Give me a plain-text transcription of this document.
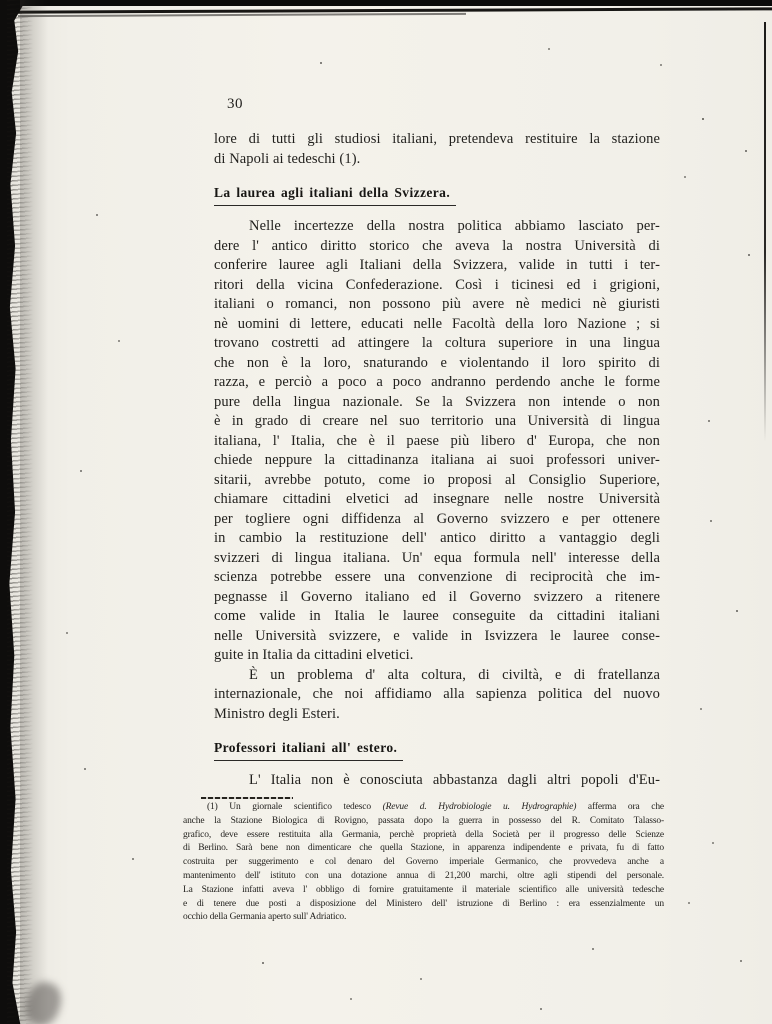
30
lore di tutti gli studiosi italiani, pretendeva restituire la stazione
di Napoli ai tedeschi (1).
La laurea agli italiani della Svizzera.
Nelle incertezze della nostra politica abbiamo lasciato per-
dere l' antico diritto storico che aveva la nostra Università di
conferire lauree agli Italiani della Svizzera, valide in tutti i ter-
ritori della vicina Confederazione. Così i ticinesi ed i grigioni,
italiani o romanci, non possono più avere nè medici nè giuristi
nè uomini di lettere, educati nelle Facoltà della loro Nazione ; si
trovano costretti ad attingere la coltura superiore in una lingua
che non è la loro, snaturando e violentando il loro spirito di
razza, e perciò a poco a poco andranno perdendo anche le forme
pure della lingua nazionale. Se la Svizzera non intende o non
è in grado di creare nel suo territorio una Università di lingua
italiana, l' Italia, che è il paese più libero d' Europa, che non
chiede neppure la cittadinanza italiana ai suoi professori univer-
sitarii, avrebbe potuto, come io proposi al Consiglio Superiore,
chiamare cittadini elvetici ad insegnare nelle nostre Università
per togliere ogni diffidenza al Governo svizzero e per ottenere
in cambio la restituzione dell' antico diritto a vantaggio degli
svizzeri di lingua italiana. Un' equa formula nell' interesse della
scienza potrebbe essere una convenzione di reciprocità che im-
pegnasse il Governo italiano ed il Governo svizzero a ritenere
come valide in Italia le lauree conseguite da cittadini italiani
nelle Università svizzere, e valide in Isvizzera le lauree conse-
guite in Italia da cittadini elvetici.
È un problema d' alta coltura, di civiltà, e di fratellanza
internazionale, che noi affidiamo alla sapienza politica del nuovo
Ministro degli Esteri.
Professori italiani all' estero.
L' Italia non è conosciuta abbastanza dagli altri popoli d'Eu-
(1) Un giornale scientifico tedesco (Revue d. Hydrobiologie u. Hydrographie) afferma ora che
anche la Stazione Biologica di Rovigno, passata dopo la guerra in possesso del R. Comitato Talasso-
grafico, deve essere restituita alla Germania, perchè proprietà della Società per il progresso delle Scienze
di Berlino. Sarà bene non dimenticare che quella Stazione, in apparenza indipendente e privata, fu di fatto
costruita per suggerimento e col denaro del Governo imperiale Germanico, che provvedeva anche a
mantenimento dell' istituto con una dotazione annua di 21,200 marchi, oltre agli stipendi del personale.
La Stazione infatti aveva l' obbligo di fornire gratuitamente il materiale scientifico alle università tedesche
e di tenere due posti a disposizione del Ministero dell' istruzione di Berlino : era essenzialmente un
occhio della Germania aperto sull' Adriatico.
